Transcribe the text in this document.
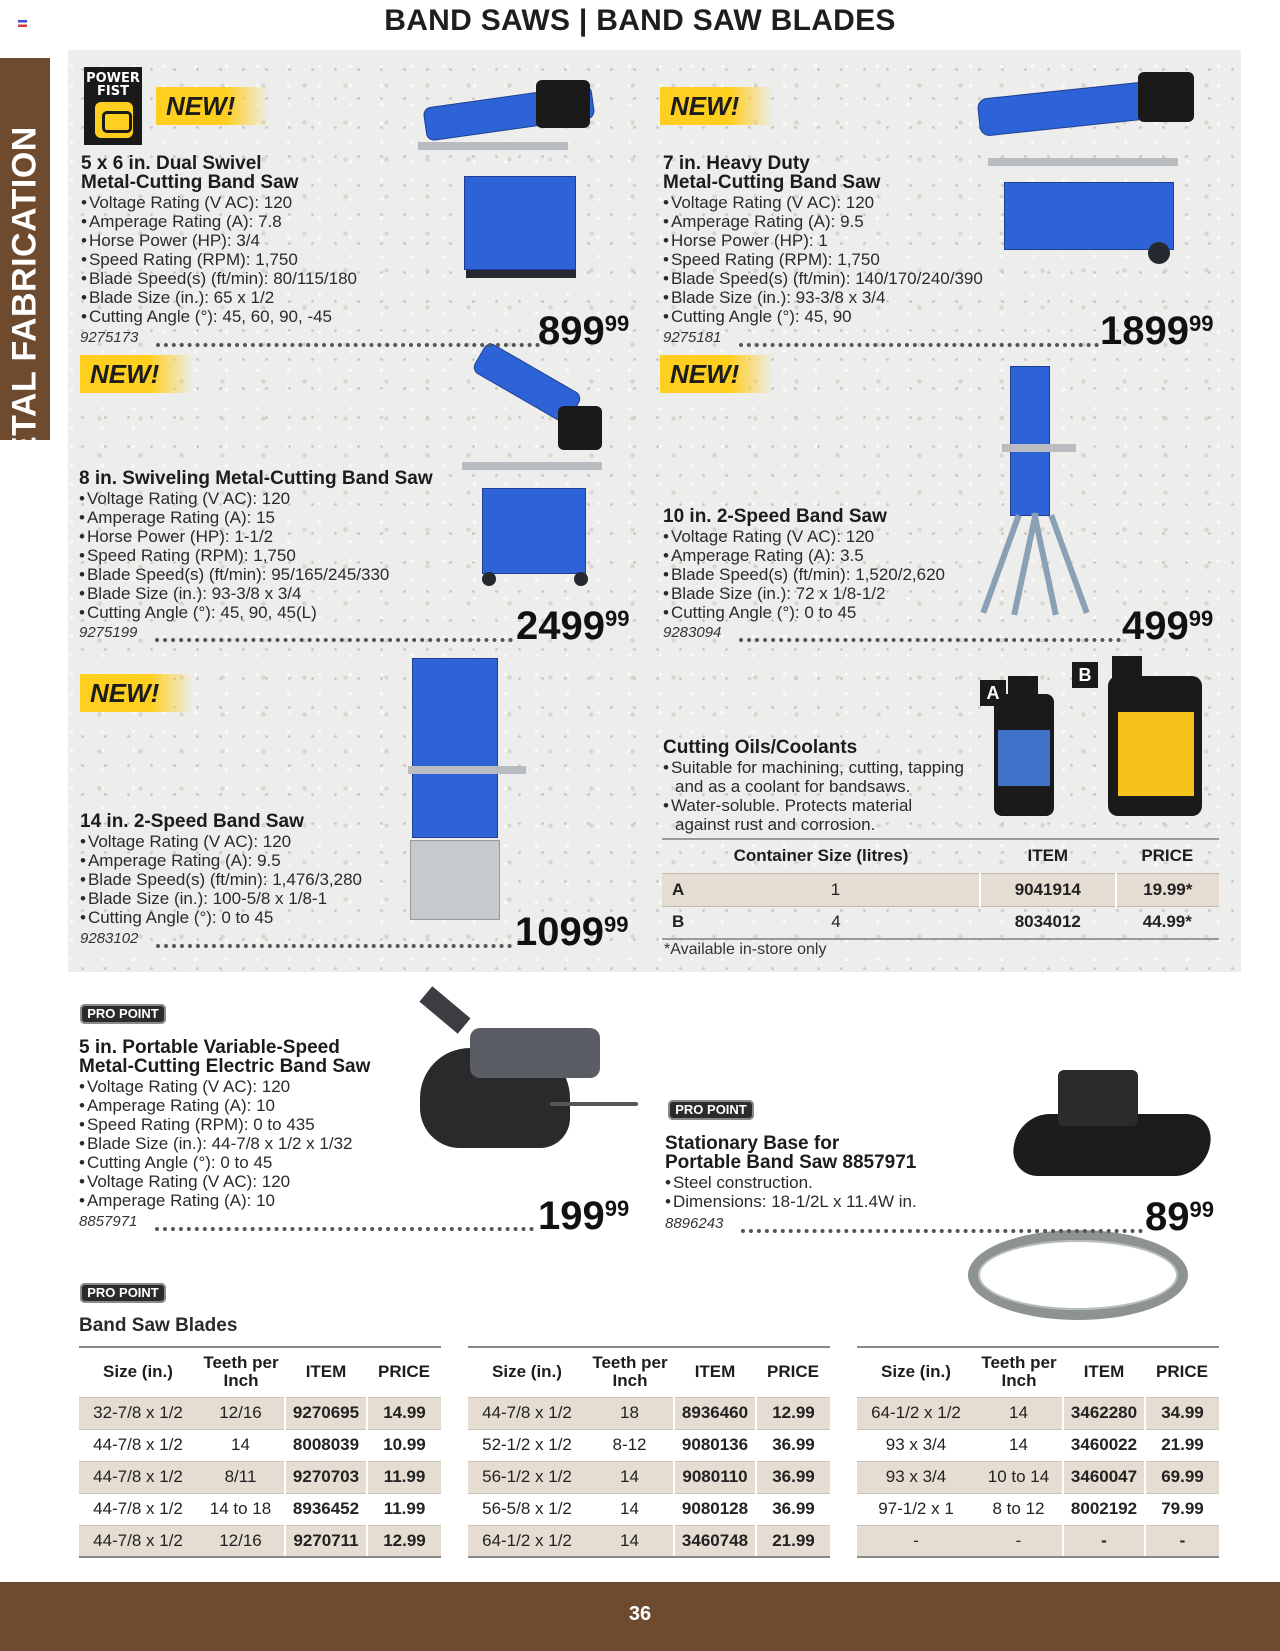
BAND SAWS | BAND SAW BLADES
METAL FABRICATION
POWER FIST	NEW!	NEW!
NEW!	NEW!
NEW!	A
B
5 x 6 in. Dual Swivel
Metal-Cutting Band Saw
• Voltage Rating (V AC): 120
• Amperage Rating (A): 7.8
• Horse Power (HP): 3/4
• Speed Rating (RPM): 1,750
• Blade Speed(s) (ft/min): 80/115/180
• Blade Size (in.): 65 x 1/2
• Cutting Angle (°): 45, 60, 90, -45
9275173	$899^{99}$
7 in. Heavy Duty
Metal-Cutting Band Saw
• Voltage Rating (V AC): 120
• Amperage Rating (A): 9.5
• Horse Power (HP): 1
• Speed Rating (RPM): 1,750
• Blade Speed(s) (ft/min): 140/170/240/390
• Blade Size (in.): 93-3/8 x 3/4
• Cutting Angle (°): 45, 90
9275181	1899$^{99}$
8 in. Swiveling Metal-Cutting Band Saw
• Voltage Rating (V AC): 120
• Amperage Rating (A): 15
• Horse Power (HP): 1-1/2
• Speed Rating (RPM): 1,750
• Blade Speed(s) (ft/min): 95/165/245/330
• Blade Size (in.): 93-3/8 x 3/4
• Cutting Angle (°): 45, 90, 45(L)
9275199	2499$^{99}$
10 in. 2-Speed Band Saw
• Voltage Rating (V AC): 120
• Amperage Rating (A): 3.5
• Blade Speed(s) (ft/min): 1,520/2,620
• Blade Size (in.): 72 x 1/8-1/2
• Cutting Angle (°): 0 to 45
9283094	$499^{99}$
14 in. 2-Speed Band Saw
• Voltage Rating (V AC): 120
• Amperage Rating (A): 9.5
• Blade Speed(s) (ft/min): 1,476/3,280
• Blade Size (in.): 100-5/8 x 1/8-1
• Cutting Angle (°): 0 to 45
9283102	1099$^{99}$
Cutting Oils/Coolants
• Suitable for machining, cutting, tapping
and as a coolant for bandsaws.
• Water-soluble. Protects material
against rust and corrosion.
Container Size (litres)		ITEM	PRICE
A	1	9041914	19.99*
B	4	8034012	44.99*
*Available in-store only
PRO POINT
PRO POINT
PRO POINT
5 in. Portable Variable-Speed
Metal-Cutting Electric Band Saw
• Voltage Rating (V AC): 120
• Amperage Rating (A): 10
• Speed Rating (RPM): 0 to 435
• Blade Size (in.): 44-7/8 x 1/2 x 1/32
• Cutting Angle (°): 0 to 45
• Voltage Rating (V AC): 120
• Amperage Rating (A): 10
8857971	$199^{99}$
Stationary Base for
Portable Band Saw 8857971
• Steel construction.
• Dimensions: 18-1/2L x 11.4W in.
8896243	$89^{99}$
Band Saw Blades
Size (in.)	Teeth per Inch	ITEM	PRICE
32-7/8 x 1/2	12/16	9270695	14.99
44-7/8 x 1/2	14	8008039	10.99
44-7/8 x 1/2	8/11	9270703	11.99
44-7/8 x 1/2	14 to 18	8936452	11.99
44-7/8 x 1/2	12/16	9270711	12.99
Size (in.)	Teeth per Inch	ITEM	PRICE
44-7/8 x 1/2	18	8936460	12.99
52-1/2 x 1/2	8-12	9080136	36.99
56-1/2 x 1/2	14	9080110	36.99
56-5/8 x 1/2	14	9080128	36.99
64-1/2 x 1/2	14	3460748	21.99
Size (in.)	Teeth per Inch	ITEM	PRICE
64-1/2 x 1/2	14	3462280	34.99
93 x 3/4	14	3460022	21.99
93 x 3/4	10 to 14	3460047	69.99
97-1/2 x 1	8 to 12	8002192	79.99
-	-	-	-
36
